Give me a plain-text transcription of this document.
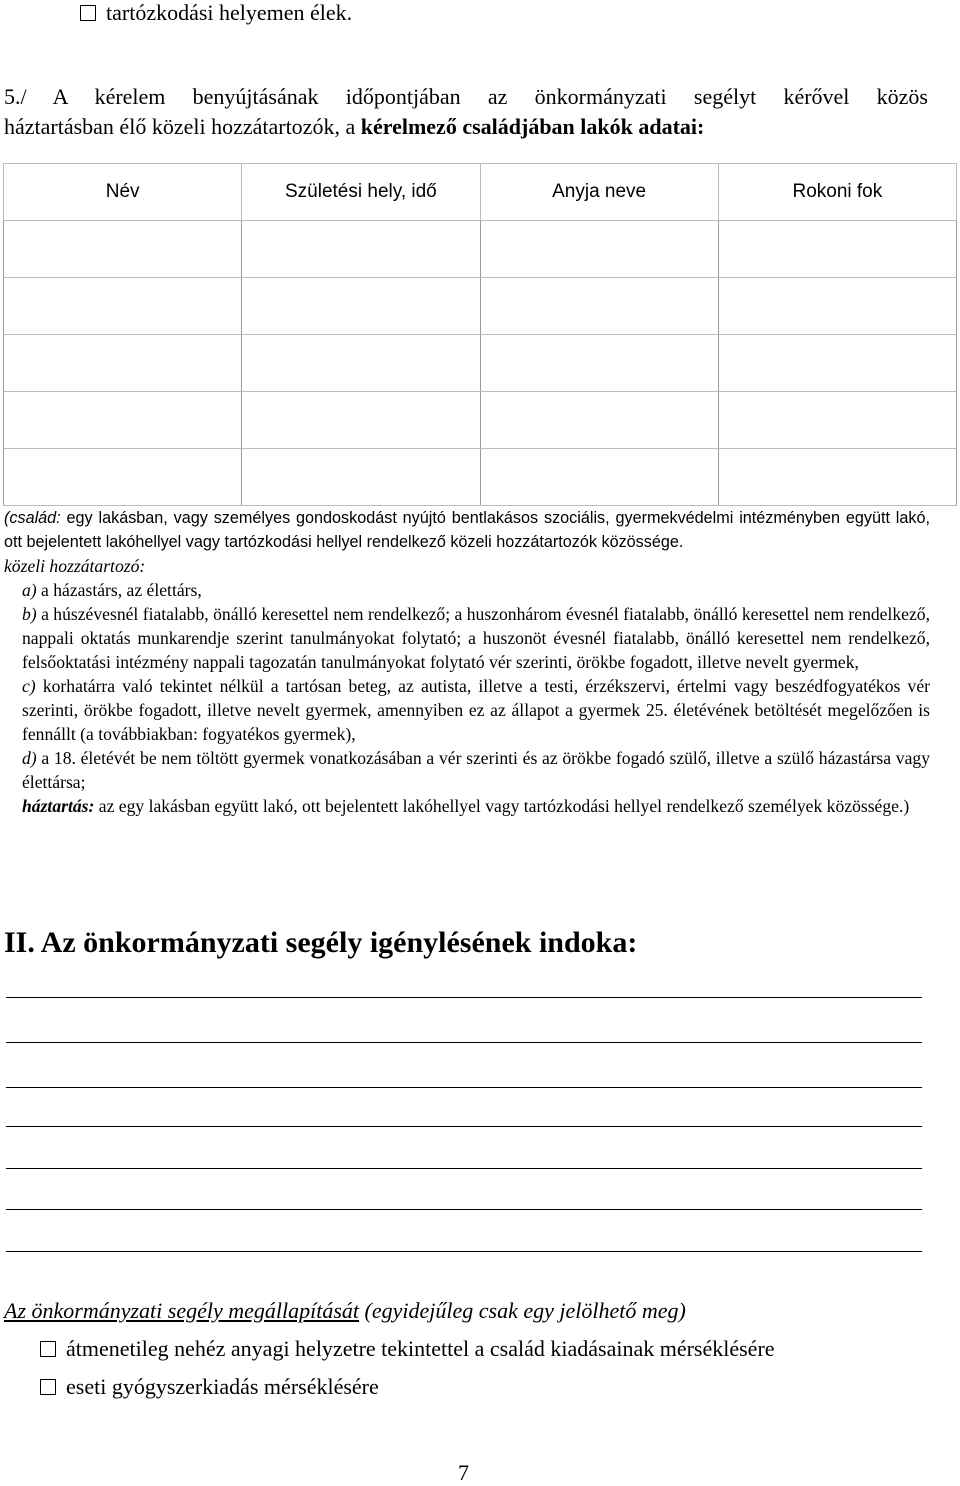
tartózkodási helyemen élek.
5./ A kérelem benyújtásának időpontjában az önkormányzati segélyt kérővel közös
háztartásban élő közeli hozzátartozók, a kérelmező családjában lakók adatai:
Név	Születési hely, idő	Anyja neve	Rokoni fok

(család: egy lakásban, vagy személyes gondoskodást nyújtó bentlakásos szociális, gyermekvédelmi intézményben együtt lakó, ott bejelentett lakóhellyel vagy tartózkodási hellyel rendelkező közeli hozzátartozók közössége.

közeli hozzátartozó:

a) a házastárs, az élettárs,

b) a húszévesnél fiatalabb, önálló keresettel nem rendelkező; a huszonhárom évesnél fiatalabb, önálló keresettel nem rendelkező, nappali oktatás munkarendje szerint tanulmányokat folytató; a huszonöt évesnél fiatalabb, önálló keresettel nem rendelkező, felsőoktatási intézmény nappali tagozatán tanulmányokat folytató vér szerinti, örökbe fogadott, illetve nevelt gyermek,

c) korhatárra való tekintet nélkül a tartósan beteg, az autista, illetve a testi, érzékszervi, értelmi vagy beszédfogyatékos vér szerinti, örökbe fogadott, illetve nevelt gyermek, amennyiben ez az állapot a gyermek 25. életévének betöltését megelőzően is fennállt (a továbbiakban: fogyatékos gyermek),

d) a 18. életévét be nem töltött gyermek vonatkozásában a vér szerinti és az örökbe fogadó szülő, illetve a szülő házastársa vagy élettársa;

háztartás: az egy lakásban együtt lakó, ott bejelentett lakóhellyel vagy tartózkodási hellyel rendelkező személyek közössége.)

II. Az önkormányzati segély igénylésének indoka:
Az önkormányzati segély megállapítását (egyidejűleg csak egy jelölhető meg)
átmenetileg nehéz anyagi helyzetre tekintettel a család kiadásainak mérséklésére
eseti gyógyszerkiadás mérséklésére
7
